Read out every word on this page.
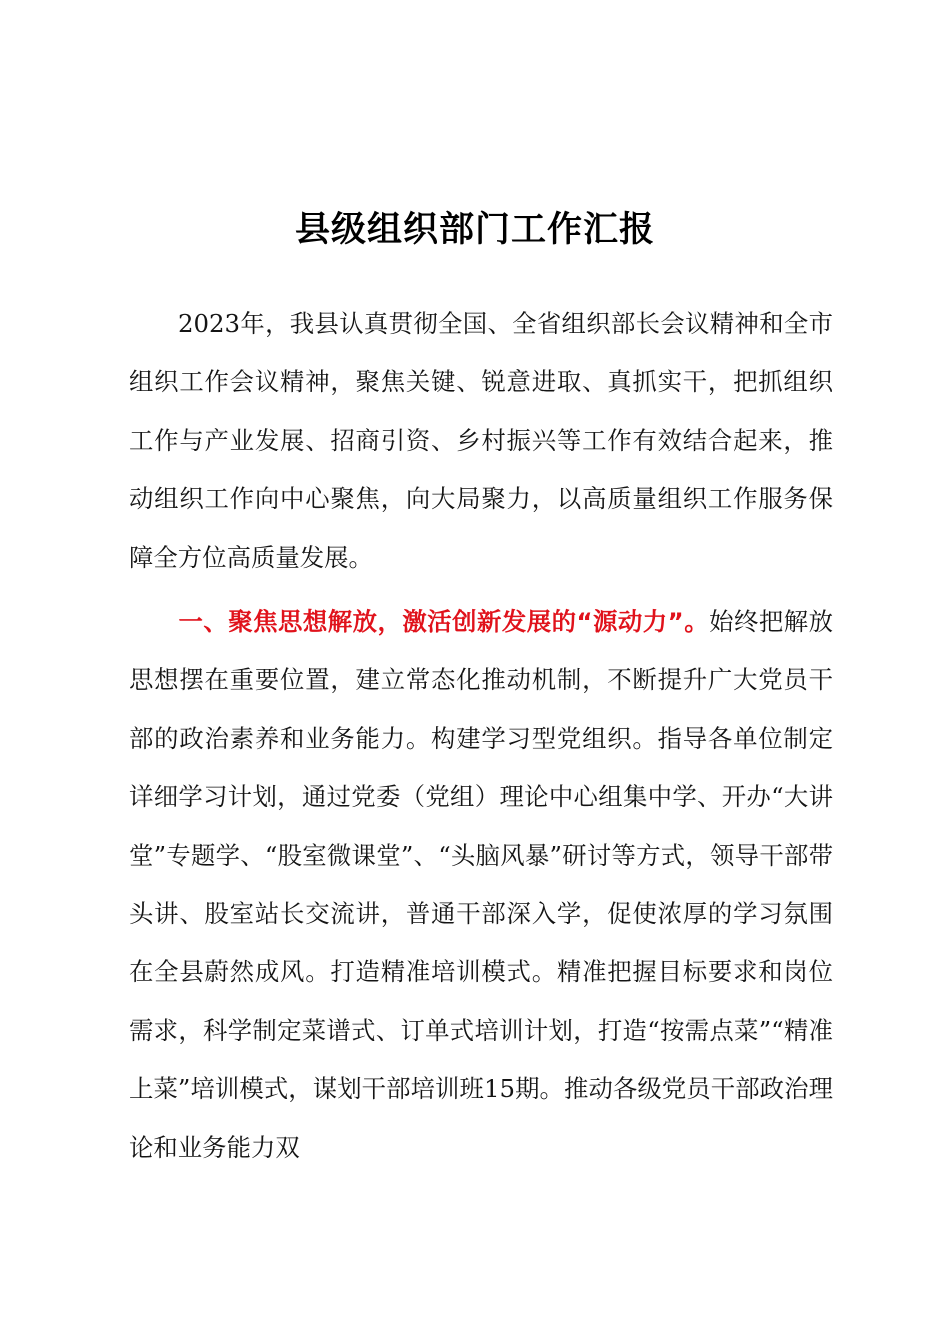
县级组织部门工作汇报

2023年，我县认真贯彻全国、全省组织部长会议精神和全市组织工作会议精神，聚焦关键、锐意进取、真抓实干，把抓组织工作与产业发展、招商引资、乡村振兴等工作有效结合起来，推动组织工作向中心聚焦，向大局聚力，以高质量组织工作服务保障全方位高质量发展。

一、聚焦思想解放，激活创新发展的“源动力”。始终把解放思想摆在重要位置，建立常态化推动机制，不断提升广大党员干部的政治素养和业务能力。构建学习型党组织。指导各单位制定详细学习计划，通过党委（党组）理论中心组集中学、开办“大讲堂”专题学、“股室微课堂”、“头脑风暴”研讨等方式，领导干部带头讲、股室站长交流讲，普通干部深入学，促使浓厚的学习氛围在全县蔚然成风。打造精准培训模式。精准把握目标要求和岗位需求，科学制定菜谱式、订单式培训计划，打造“按需点菜”“精准上菜”培训模式，谋划干部培训班15期。推动各级党员干部政治理论和业务能力双
